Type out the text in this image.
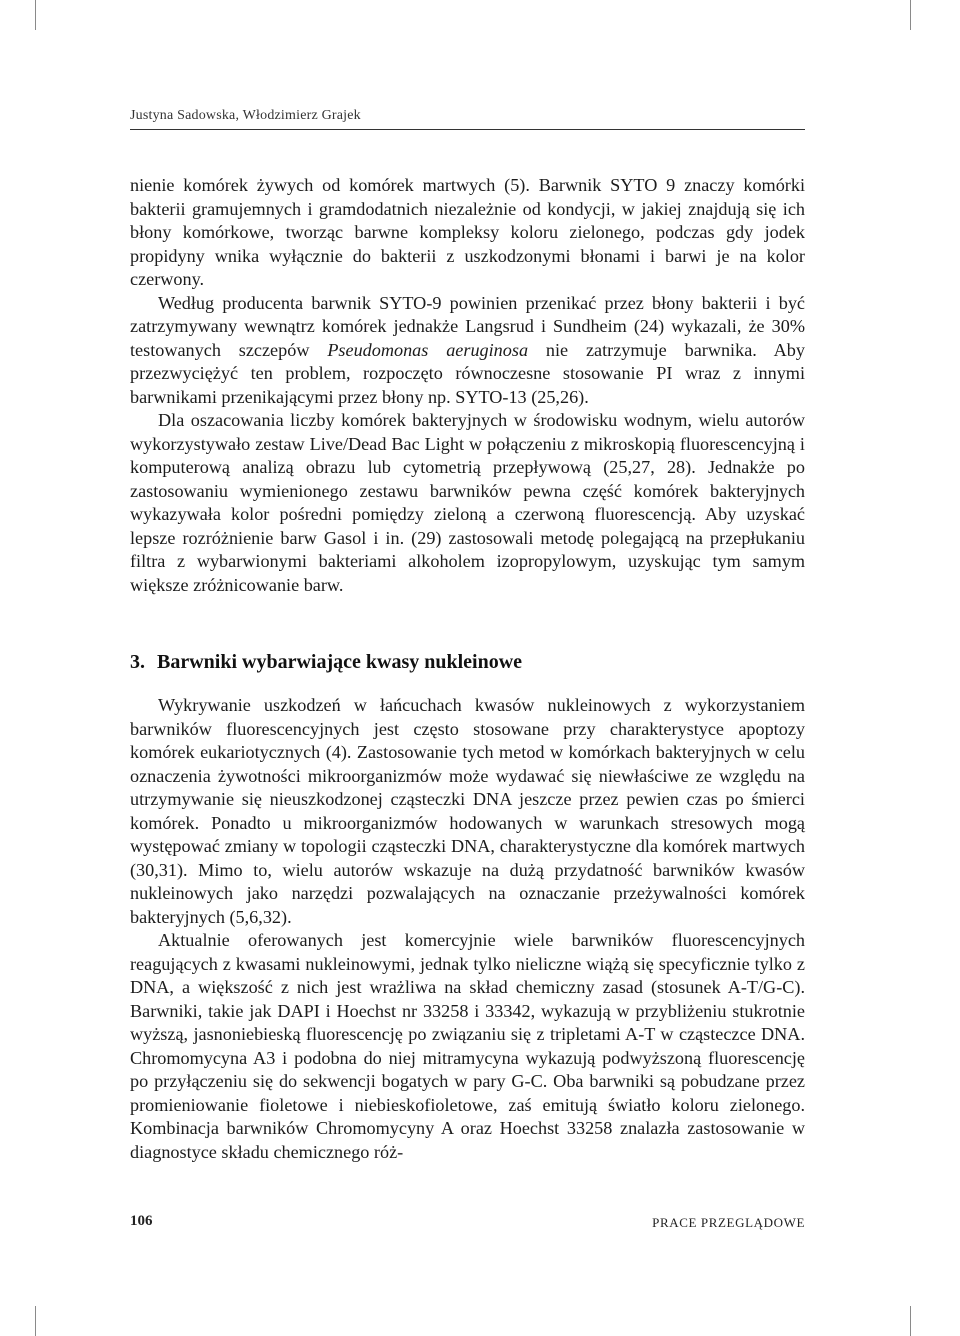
Justyna Sadowska, Włodzimierz Grajek

nienie komórek żywych od komórek martwych (5). Barwnik SYTO 9 znaczy komórki bakterii gramujemnych i gramdodatnich niezależnie od kondycji, w jakiej znajdują się ich błony komórkowe, tworząc barwne kompleksy koloru zielonego, podczas gdy jodek propidyny wnika wyłącznie do bakterii z uszkodzonymi błonami i barwi je na kolor czerwony.

Według producenta barwnik SYTO-9 powinien przenikać przez błony bakterii i być zatrzymywany wewnątrz komórek jednakże Langsrud i Sundheim (24) wykazali, że 30% testowanych szczepów Pseudomonas aeruginosa nie zatrzymuje barwnika. Aby przezwyciężyć ten problem, rozpoczęto równoczesne stosowanie PI wraz z innymi barwnikami przenikającymi przez błony np. SYTO-13 (25,26).

Dla oszacowania liczby komórek bakteryjnych w środowisku wodnym, wielu autorów wykorzystywało zestaw Live/Dead Bac Light w połączeniu z mikroskopią fluorescencyjną i komputerową analizą obrazu lub cytometrią przepływową (25,27, 28). Jednakże po zastosowaniu wymienionego zestawu barwników pewna część komórek bakteryjnych wykazywała kolor pośredni pomiędzy zieloną a czerwoną fluorescencją. Aby uzyskać lepsze rozróżnienie barw Gasol i in. (29) zastosowali metodę polegającą na przepłukaniu filtra z wybarwionymi bakteriami alkoholem izopropylowym, uzyskując tym samym większe zróżnicowanie barw.

3. Barwniki wybarwiające kwasy nukleinowe

Wykrywanie uszkodzeń w łańcuchach kwasów nukleinowych z wykorzystaniem barwników fluorescencyjnych jest często stosowane przy charakterystyce apoptozy komórek eukariotycznych (4). Zastosowanie tych metod w komórkach bakteryjnych w celu oznaczenia żywotności mikroorganizmów może wydawać się niewłaściwe ze względu na utrzymywanie się nieuszkodzonej cząsteczki DNA jeszcze przez pewien czas po śmierci komórek. Ponadto u mikroorganizmów hodowanych w warunkach stresowych mogą występować zmiany w topologii cząsteczki DNA, charakterystyczne dla komórek martwych (30,31). Mimo to, wielu autorów wskazuje na dużą przydatność barwników kwasów nukleinowych jako narzędzi pozwalających na oznaczanie przeżywalności komórek bakteryjnych (5,6,32).

Aktualnie oferowanych jest komercyjnie wiele barwników fluorescencyjnych reagujących z kwasami nukleinowymi, jednak tylko nieliczne wiążą się specyficznie tylko z DNA, a większość z nich jest wrażliwa na skład chemiczny zasad (stosunek A-T/G-C). Barwniki, takie jak DAPI i Hoechst nr 33258 i 33342, wykazują w przybliżeniu stukrotnie wyższą, jasnoniebieską fluorescencję po związaniu się z tripletami A-T w cząsteczce DNA. Chromomycyna A3 i podobna do niej mitramycyna wykazują podwyższoną fluorescencję po przyłączeniu się do sekwencji bogatych w pary G-C. Oba barwniki są pobudzane przez promieniowanie fioletowe i niebieskofioletowe, zaś emitują światło koloru zielonego. Kombinacja barwników Chromomycyny A oraz Hoechst 33258 znalazła zastosowanie w diagnostyce składu chemicznego róż-

106	PRACE PRZEGLĄDOWE
